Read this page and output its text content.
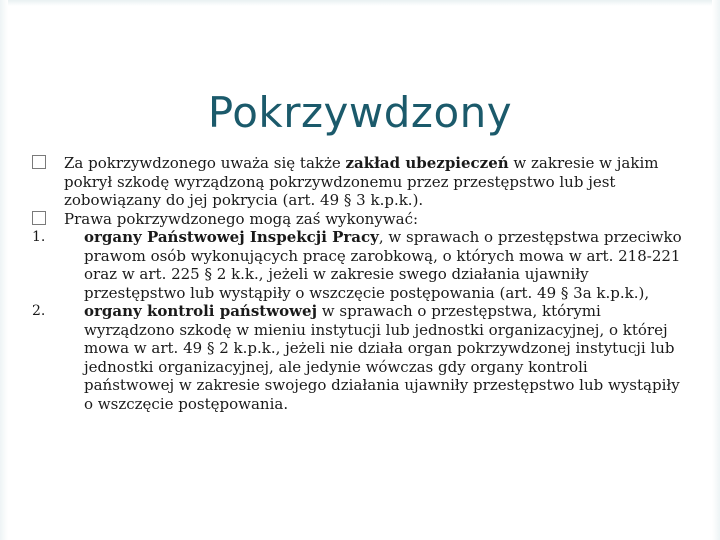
Pokrzywdzony
Za pokrzywdzonego uważa się także zakład ubezpieczeń w zakresie w jakim pokrył szkodę wyrządzoną pokrzywdzonemu przez przestępstwo lub jest zobowiązany do jej pokrycia (art. 49 § 3 k.p.k.).
Prawa pokrzywdzonego mogą zaś wykonywać:
1.	organy Państwowej Inspekcji Pracy, w sprawach o przestępstwa przeciwko prawom osób wykonujących pracę zarobkową, o których mowa w art. 218-221 oraz w art. 225 § 2 k.k., jeżeli w zakresie swego działania ujawniły przestępstwo lub wystąpiły o wszczęcie postępowania (art. 49 § 3a k.p.k.),
2.	organy kontroli państwowej w sprawach o przestępstwa, którymi wyrządzono szkodę w mieniu instytucji lub jednostki organizacyjnej, o której mowa w art. 49 § 2 k.p.k., jeżeli nie działa organ pokrzywdzonej instytucji lub jednostki organizacyjnej, ale jedynie wówczas gdy organy kontroli państwowej w zakresie swojego działania ujawniły przestępstwo lub wystąpiły o wszczęcie postępowania.
